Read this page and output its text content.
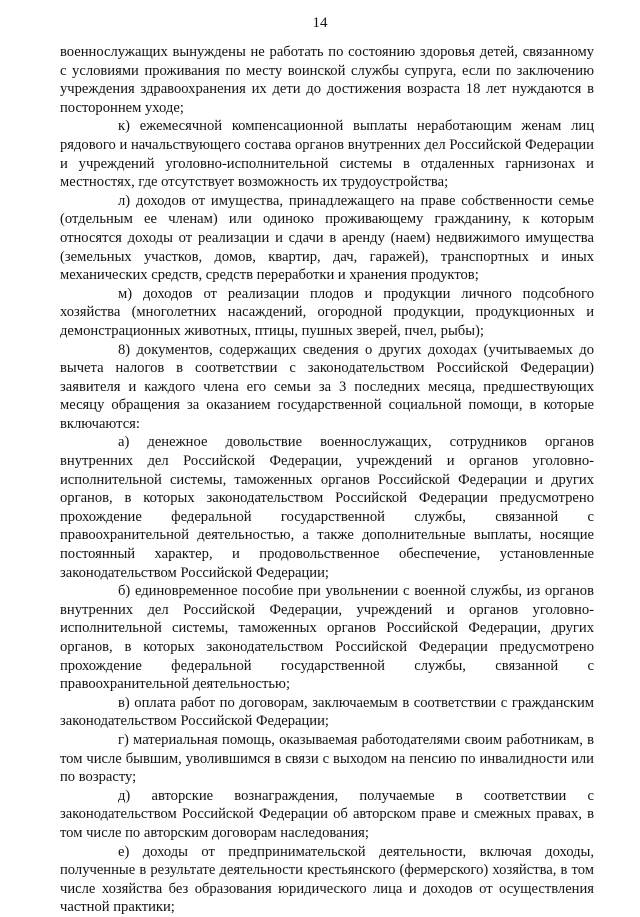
14

военнослужащих вынуждены не работать по состоянию здоровья детей, связанному с условиями проживания по месту воинской службы супруга, если по заключению учреждения здравоохранения их дети до достижения возраста 18 лет нуждаются в постороннем уходе;

к) ежемесячной компенсационной выплаты неработающим женам лиц рядового и начальствующего состава органов внутренних дел Российской Федерации и учреждений уголовно-исполнительной системы в отдаленных гарнизонах и местностях, где отсутствует возможность их трудоустройства;

л) доходов от имущества, принадлежащего на праве собственности семье (отдельным ее членам) или одиноко проживающему гражданину, к которым относятся доходы от реализации и сдачи в аренду (наем) недвижимого имущества (земельных участков, домов, квартир, дач, гаражей), транспортных и иных механических средств, средств переработки и хранения продуктов;

м) доходов от реализации плодов и продукции личного подсобного хозяйства (многолетних насаждений, огородной продукции, продукционных и демонстрационных животных, птицы, пушных зверей, пчел, рыбы);

8) документов, содержащих сведения о других доходах (учитываемых до вычета налогов в соответствии с законодательством Российской Федерации) заявителя и каждого члена его семьи за 3 последних месяца, предшествующих месяцу обращения за оказанием государственной социальной помощи, в которые включаются:

а) денежное довольствие военнослужащих, сотрудников органов внутренних дел Российской Федерации, учреждений и органов уголовно-исполнительной системы, таможенных органов Российской Федерации и других органов, в которых законодательством Российской Федерации предусмотрено прохождение федеральной государственной службы, связанной с правоохранительной деятельностью, а также дополнительные выплаты, носящие постоянный характер, и продовольственное обеспечение, установленные законодательством Российской Федерации;

б) единовременное пособие при увольнении с военной службы, из органов внутренних дел Российской Федерации, учреждений и органов уголовно-исполнительной системы, таможенных органов Российской Федерации, других органов, в которых законодательством Российской Федерации предусмотрено прохождение федеральной государственной службы, связанной с правоохранительной деятельностью;

в) оплата работ по договорам, заключаемым в соответствии с гражданским законодательством Российской Федерации;

г) материальная помощь, оказываемая работодателями своим работникам, в том числе бывшим, уволившимся в связи с выходом на пенсию по инвалидности или по возрасту;

д) авторские вознаграждения, получаемые в соответствии с законодательством Российской Федерации об авторском праве и смежных правах, в том числе по авторским договорам наследования;

е) доходы от предпринимательской деятельности, включая доходы, полученные в результате деятельности крестьянского (фермерского) хозяйства, в том числе хозяйства без образования юридического лица и доходов от осуществления частной практики;
